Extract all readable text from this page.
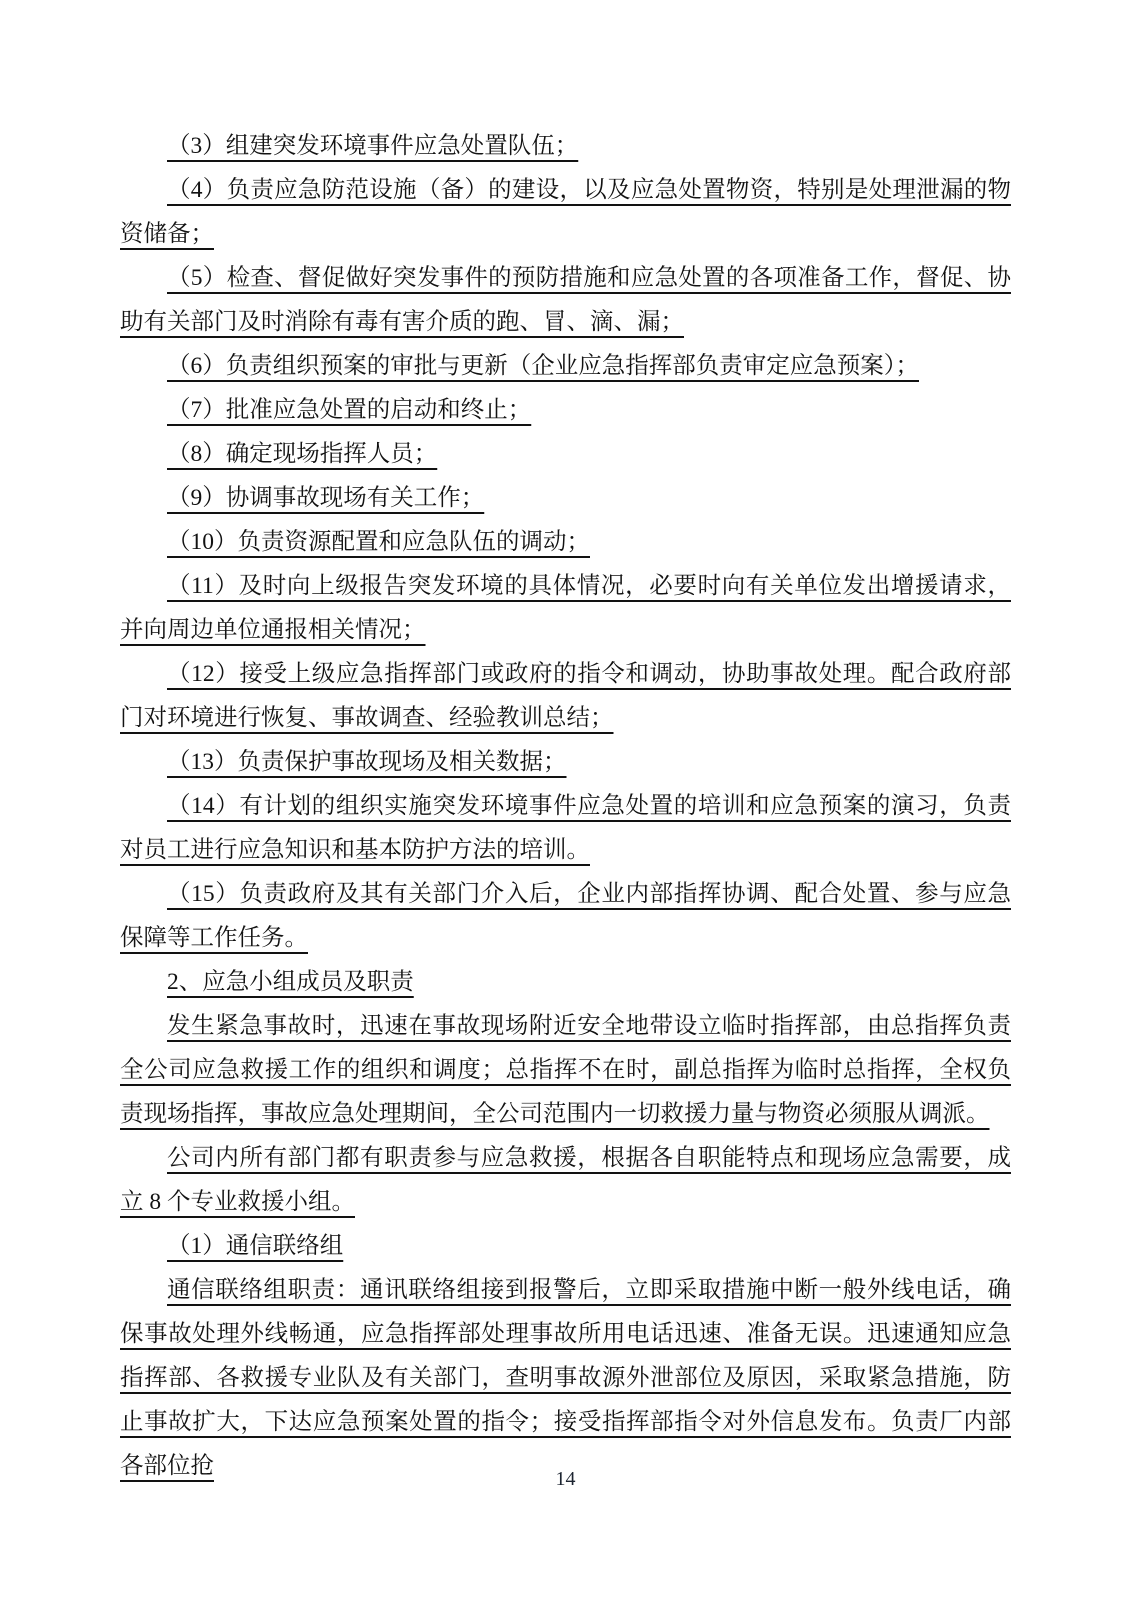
（3）组建突发环境事件应急处置队伍；

（4）负责应急防范设施（备）的建设，以及应急处置物资，特别是处理泄漏的物资储备；

（5）检查、督促做好突发事件的预防措施和应急处置的各项准备工作，督促、协助有关部门及时消除有毒有害介质的跑、冒、滴、漏；

（6）负责组织预案的审批与更新（企业应急指挥部负责审定应急预案）；

（7）批准应急处置的启动和终止；

（8）确定现场指挥人员；

（9）协调事故现场有关工作；

（10）负责资源配置和应急队伍的调动；

（11）及时向上级报告突发环境的具体情况，必要时向有关单位发出增援请求，并向周边单位通报相关情况；

（12）接受上级应急指挥部门或政府的指令和调动，协助事故处理。配合政府部门对环境进行恢复、事故调查、经验教训总结；

（13）负责保护事故现场及相关数据；

（14）有计划的组织实施突发环境事件应急处置的培训和应急预案的演习，负责对员工进行应急知识和基本防护方法的培训。

（15）负责政府及其有关部门介入后，企业内部指挥协调、配合处置、参与应急保障等工作任务。

2、应急小组成员及职责

发生紧急事故时，迅速在事故现场附近安全地带设立临时指挥部，由总指挥负责全公司应急救援工作的组织和调度；总指挥不在时，副总指挥为临时总指挥，全权负责现场指挥，事故应急处理期间，全公司范围内一切救援力量与物资必须服从调派。

公司内所有部门都有职责参与应急救援，根据各自职能特点和现场应急需要，成立 8 个专业救援小组。

（1）通信联络组

通信联络组职责：通讯联络组接到报警后，立即采取措施中断一般外线电话，确保事故处理外线畅通，应急指挥部处理事故所用电话迅速、准备无误。迅速通知应急指挥部、各救援专业队及有关部门，查明事故源外泄部位及原因，采取紧急措施，防止事故扩大，下达应急预案处置的指令；接受指挥部指令对外信息发布。负责厂内部各部位抢	14
